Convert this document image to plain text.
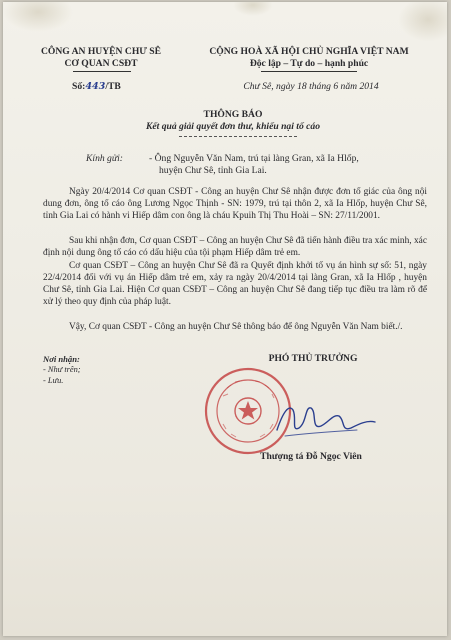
CÔNG AN HUYỆN CHƯ SÊ
CƠ QUAN CSĐT
Số:443/TB
CỘNG HOÀ XÃ HỘI CHỦ NGHĨA VIỆT NAM
Độc lập – Tự do – hạnh phúc
Chư Sê, ngày 18 tháng 6 năm 2014
THÔNG BÁO
Kết quả giải quyết đơn thư, khiếu nại tố cáo
Kính gửi:	- Ông Nguyễn Văn Nam, trú tại làng Gran, xã Ia Hlốp,
huyện Chư Sê, tỉnh Gia Lai.
Ngày 20/4/2014 Cơ quan CSĐT - Công an huyện Chư Sê nhận được đơn tố giác của ông nội dung đơn, ông tố cáo ông Lương Ngọc Thịnh - SN: 1979, trú tại thôn 2, xã Ia Hlốp, huyện Chư Sê, tỉnh Gia Lai có hành vi Hiếp dâm con ông là cháu Kpuih Thị Thu Hoài – SN: 27/11/2001.
Sau khi nhận đơn, Cơ quan CSĐT – Công an huyện Chư Sê đã tiến hành điều tra xác minh, xác định nội dung ông tố cáo có dấu hiệu của tội phạm Hiếp dâm trẻ em.
Cơ quan CSĐT – Công an huyện Chư Sê đã ra Quyết định khởi tố vụ án hình sự số: 51, ngày 22/4/2014 đối với vụ án Hiếp dâm trẻ em, xảy ra ngày 20/4/2014 tại làng Gran, xã Ia Hlốp , huyện Chư Sê, tỉnh Gia Lai. Hiện Cơ quan CSĐT – Công an huyện Chư Sê đang tiếp tục điều tra làm rõ để xử lý theo quy định của pháp luật.
Vậy, Cơ quan CSĐT - Công an huyện Chư Sê thông báo để ông Nguyễn Văn Nam biết./.
Nơi nhận:
- Như trên;
- Lưu.
PHÓ THỦ TRƯỞNG
Thượng tá Đỗ Ngọc Viên
